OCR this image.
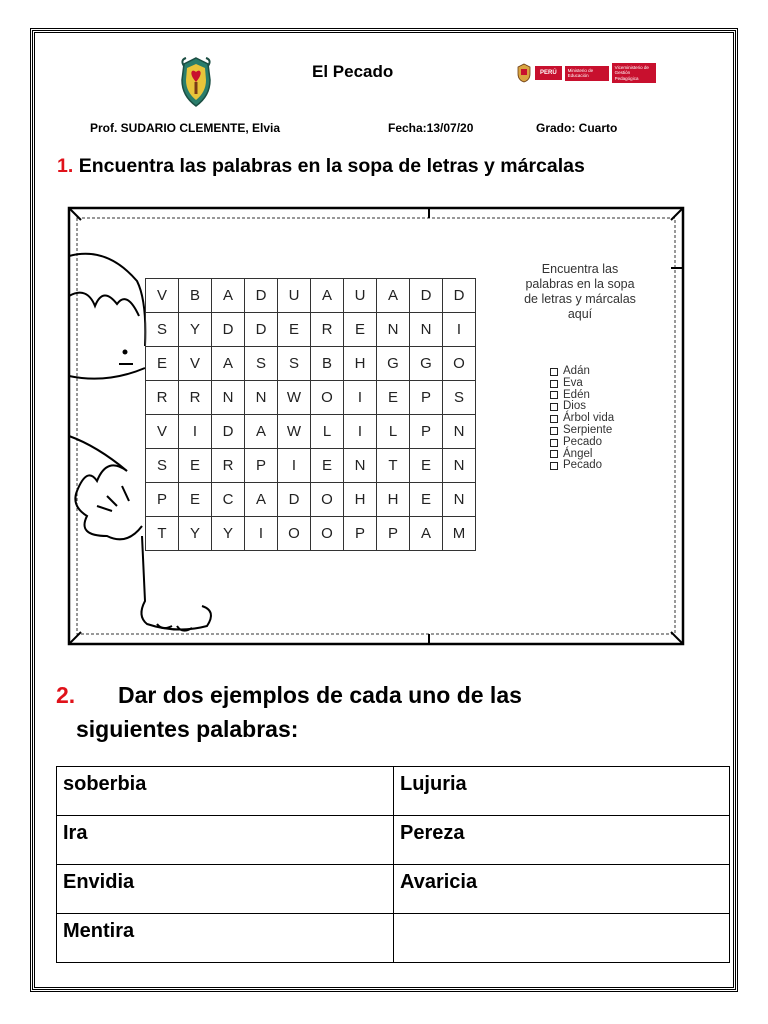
El Pecado	PERÚ	Ministerio de Educación
Viceministerio de Gestión Pedagógica
Prof. SUDARIO CLEMENTE, Elvia	Fecha:13/07/20	Grado: Cuarto
1. Encuentra las palabras en la sopa de letras y márcalas
V	B	A	D	U	A	U	A	D	D
S	Y	D	D	E	R	E	N	N	I
E	V	A	S	S	B	H	G	G	O
R	R	N	N	W	O	I	E	P	S
V	I	D	A	W	L	I	L	P	N
S	E	R	P	I	E	N	T	E	N
P	E	C	A	D	O	H	H	E	N
T	Y	Y	I	O	O	P	P	A	M
Encuentra las palabras en la sopa de letras y márcalas aquí
Adán
Eva
Edén
Dios
Árbol vida
Serpiente
Pecado
Ángel
Pecado
2. Dar dos ejemplos de cada uno de las
siguientes palabras:
soberbia	Lujuria
Ira	Pereza
Envidia	Avaricia
Mentira	
